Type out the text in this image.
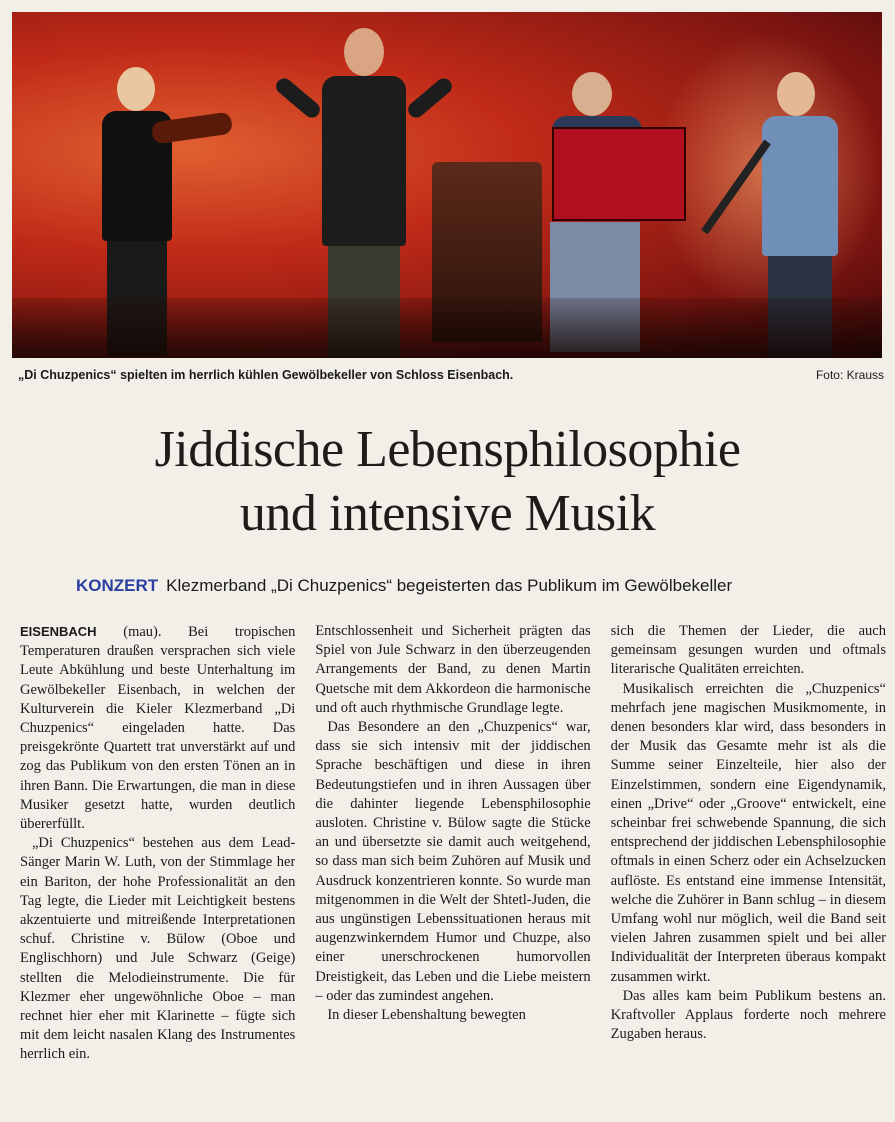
„Di Chuzpenics“ spielten im herrlich kühlen Gewölbekeller von Schloss Eisenbach.	Foto: Krauss
Jiddische Lebensphilosophie
und intensive Musik
KONZERT Klezmerband „Di Chuzpenics“ begeisterten das Publikum im Gewölbekeller

EISENBACH (mau). Bei tropischen Temperaturen draußen versprachen sich viele Leute Abkühlung und beste Unterhaltung im Gewölbekeller Eisenbach, in welchen der Kulturverein die Kieler Klezmerband „Di Chuzpenics“ eingeladen hatte. Das preisgekrönte Quartett trat unverstärkt auf und zog das Publikum von den ersten Tönen an in ihren Bann. Die Erwartungen, die man in diese Musiker gesetzt hatte, wurden deutlich übererfüllt.

„Di Chuzpenics“ bestehen aus dem Lead-Sänger Marin W. Luth, von der Stimmlage her ein Bariton, der hohe Professionalität an den Tag legte, die Lieder mit Leichtigkeit bestens akzentuierte und mitreißende Interpretationen schuf. Christine v. Bülow (Oboe und Englischhorn) und Jule Schwarz (Geige) stellten die Melodieinstrumente. Die für Klezmer eher ungewöhnliche Oboe – man rechnet hier eher mit Klarinette – fügte sich mit dem leicht nasalen Klang des Instrumentes herrlich ein.

Entschlossenheit und Sicherheit prägten das Spiel von Jule Schwarz in den überzeugenden Arrangements der Band, zu denen Martin Quetsche mit dem Akkordeon die harmonische und oft auch rhythmische Grundlage legte.

Das Besondere an den „Chuzpenics“ war, dass sie sich intensiv mit der jiddischen Sprache beschäftigen und diese in ihren Bedeutungstiefen und in ihren Aussagen über die dahinter liegende Lebensphilosophie ausloten. Christine v. Bülow sagte die Stücke an und übersetzte sie damit auch weitgehend, so dass man sich beim Zuhören auf Musik und Ausdruck konzentrieren konnte. So wurde man mitgenommen in die Welt der Shtetl-Juden, die aus ungünstigen Lebenssituationen heraus mit augenzwinkerndem Humor und Chuzpe, also einer unerschrockenen humorvollen Dreistigkeit, das Leben und die Liebe meistern – oder das zumindest angehen.

In dieser Lebenshaltung bewegten

sich die Themen der Lieder, die auch gemeinsam gesungen wurden und oftmals literarische Qualitäten erreichten.

Musikalisch erreichten die „Chuzpenics“ mehrfach jene magischen Musikmomente, in denen besonders klar wird, dass besonders in der Musik das Gesamte mehr ist als die Summe seiner Einzelteile, hier also der Einzelstimmen, sondern eine Eigendynamik, einen „Drive“ oder „Groove“ entwickelt, eine scheinbar frei schwebende Spannung, die sich entsprechend der jiddischen Lebensphilosophie oftmals in einen Scherz oder ein Achselzucken auflöste. Es entstand eine immense Intensität, welche die Zuhörer in Bann schlug – in diesem Umfang wohl nur möglich, weil die Band seit vielen Jahren zusammen spielt und bei aller Individualität der Interpreten überaus kompakt zusammen wirkt.

Das alles kam beim Publikum bestens an. Kraftvoller Applaus forderte noch mehrere Zugaben heraus.
